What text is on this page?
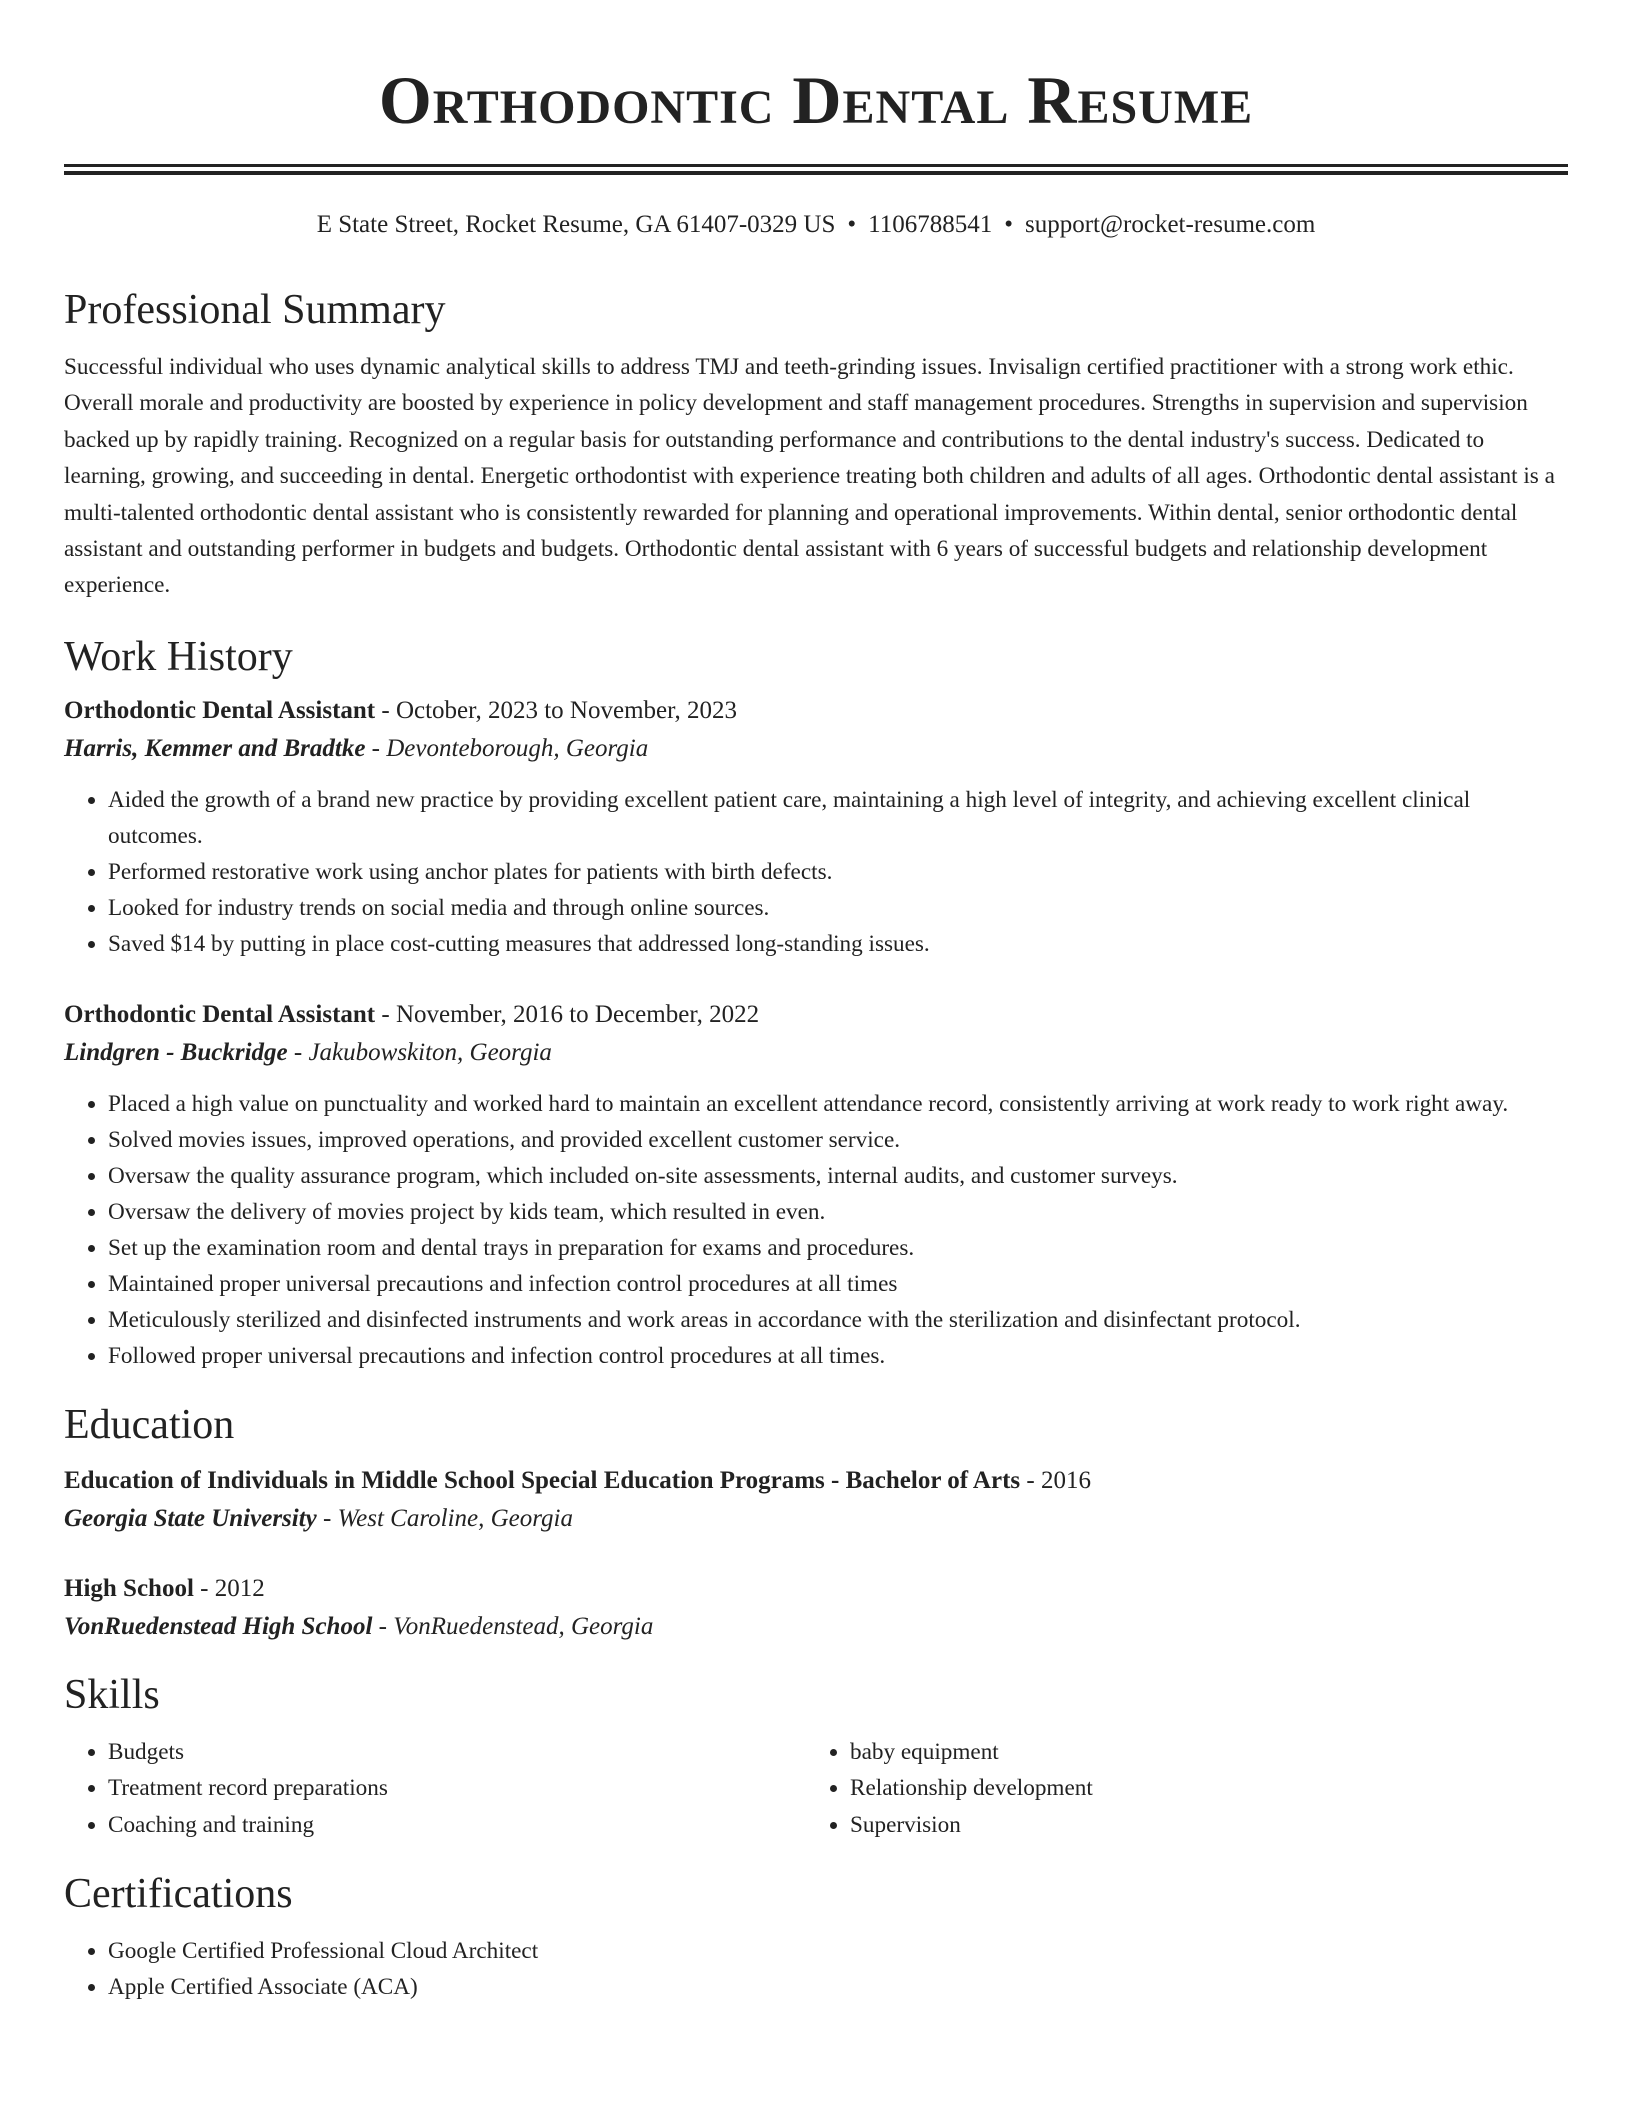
Orthodontic Dental Resume
E State Street, Rocket Resume, GA 61407-0329 US • 1106788541 • support@rocket-resume.com
Professional Summary

Successful individual who uses dynamic analytical skills to address TMJ and teeth-grinding issues. Invisalign certified practitioner with a strong work ethic. Overall morale and productivity are boosted by experience in policy development and staff management procedures. Strengths in supervision and supervision backed up by rapidly training. Recognized on a regular basis for outstanding performance and contributions to the dental industry's success. Dedicated to learning, growing, and succeeding in dental. Energetic orthodontist with experience treating both children and adults of all ages. Orthodontic dental assistant is a multi-talented orthodontic dental assistant who is consistently rewarded for planning and operational improvements. Within dental, senior orthodontic dental assistant and outstanding performer in budgets and budgets. Orthodontic dental assistant with 6 years of successful budgets and relationship development experience.

Work History
Orthodontic Dental Assistant - October, 2023 to November, 2023
Harris, Kemmer and Bradtke - Devonteborough, Georgia
• Aided the growth of a brand new practice by providing excellent patient care, maintaining a high level of integrity, and achieving excellent clinical outcomes.
• Performed restorative work using anchor plates for patients with birth defects.
• Looked for industry trends on social media and through online sources.
• Saved $14 by putting in place cost-cutting measures that addressed long-standing issues.
Orthodontic Dental Assistant - November, 2016 to December, 2022
Lindgren - Buckridge - Jakubowskiton, Georgia
• Placed a high value on punctuality and worked hard to maintain an excellent attendance record, consistently arriving at work ready to work right away.
• Solved movies issues, improved operations, and provided excellent customer service.
• Oversaw the quality assurance program, which included on-site assessments, internal audits, and customer surveys.
• Oversaw the delivery of movies project by kids team, which resulted in even.
• Set up the examination room and dental trays in preparation for exams and procedures.
• Maintained proper universal precautions and infection control procedures at all times
• Meticulously sterilized and disinfected instruments and work areas in accordance with the sterilization and disinfectant protocol.
• Followed proper universal precautions and infection control procedures at all times.
Education
Education of Individuals in Middle School Special Education Programs - Bachelor of Arts - 2016
Georgia State University - West Caroline, Georgia
High School - 2012
VonRuedenstead High School - VonRuedenstead, Georgia
Skills
• Budgets
• Treatment record preparations
• Coaching and training
• baby equipment
• Relationship development
• Supervision
Certifications
• Google Certified Professional Cloud Architect
• Apple Certified Associate (ACA)
